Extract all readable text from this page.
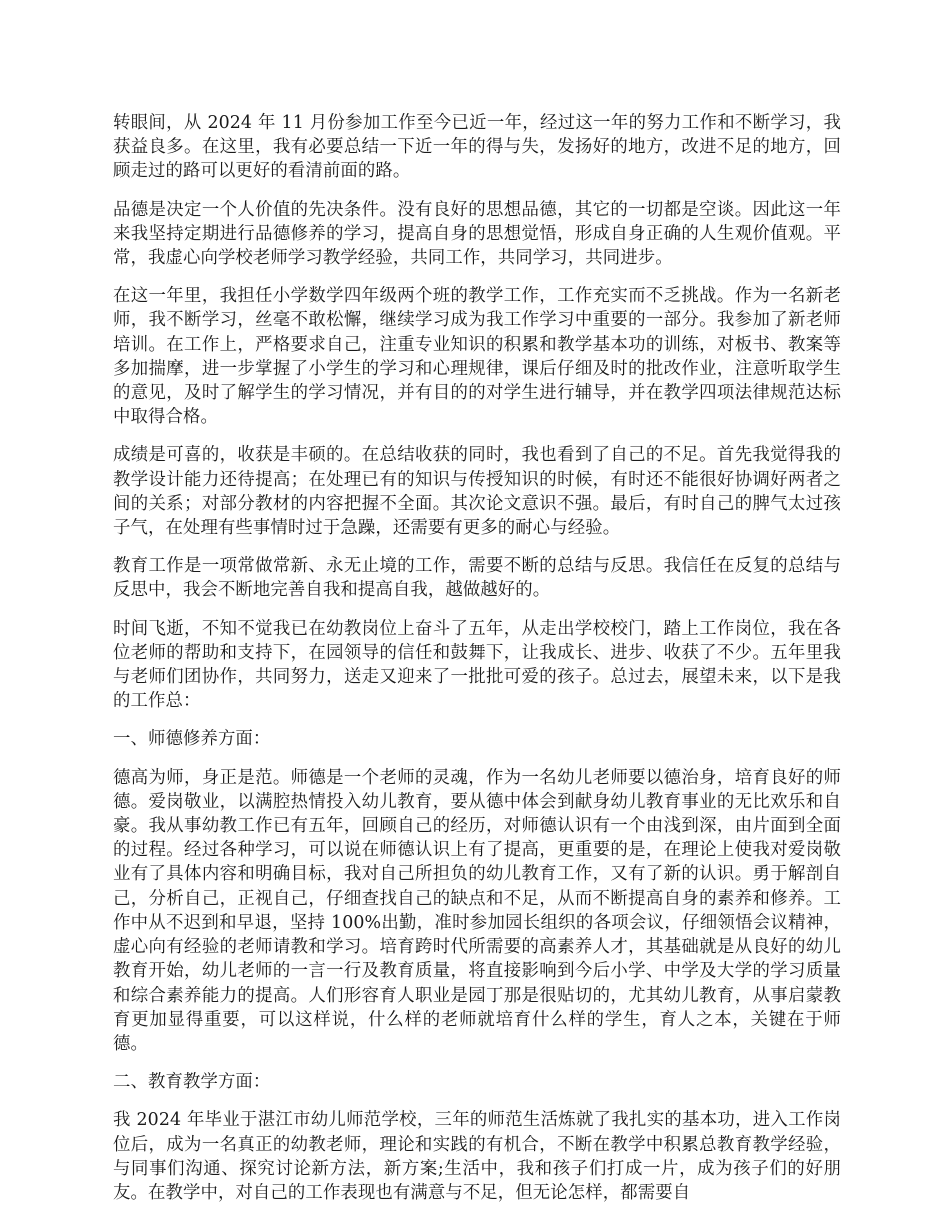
转眼间，从 2024 年 11 月份参加工作至今已近一年，经过这一年的努力工作和不断学习，我获益良多。在这里，我有必要总结一下近一年的得与失，发扬好的地方，改进不足的地方，回顾走过的路可以更好的看清前面的路。

品德是决定一个人价值的先决条件。没有良好的思想品德，其它的一切都是空谈。因此这一年来我坚持定期进行品德修养的学习，提高自身的思想觉悟，形成自身正确的人生观价值观。平常，我虚心向学校老师学习教学经验，共同工作，共同学习，共同进步。

在这一年里，我担任小学数学四年级两个班的教学工作，工作充实而不乏挑战。作为一名新老师，我不断学习，丝毫不敢松懈，继续学习成为我工作学习中重要的一部分。我参加了新老师培训。在工作上，严格要求自己，注重专业知识的积累和教学基本功的训练，对板书、教案等多加揣摩，进一步掌握了小学生的学习和心理规律，课后仔细及时的批改作业，注意听取学生的意见，及时了解学生的学习情况，并有目的的对学生进行辅导，并在教学四项法律规范达标中取得合格。

成绩是可喜的，收获是丰硕的。在总结收获的同时，我也看到了自己的不足。首先我觉得我的教学设计能力还待提高；在处理已有的知识与传授知识的时候，有时还不能很好协调好两者之间的关系；对部分教材的内容把握不全面。其次论文意识不强。最后，有时自己的脾气太过孩子气，在处理有些事情时过于急躁，还需要有更多的耐心与经验。

教育工作是一项常做常新、永无止境的工作，需要不断的总结与反思。我信任在反复的总结与反思中，我会不断地完善自我和提高自我，越做越好的。

时间飞逝，不知不觉我已在幼教岗位上奋斗了五年，从走出学校校门，踏上工作岗位，我在各位老师的帮助和支持下，在园领导的信任和鼓舞下，让我成长、进步、收获了不少。五年里我与老师们团协作，共同努力，送走又迎来了一批批可爱的孩子。总过去，展望未来，以下是我的工作总：

一、师德修养方面：

德高为师，身正是范。师德是一个老师的灵魂，作为一名幼儿老师要以德治身，培育良好的师德。爱岗敬业，以满腔热情投入幼儿教育，要从德中体会到献身幼儿教育事业的无比欢乐和自豪。我从事幼教工作已有五年，回顾自己的经历，对师德认识有一个由浅到深，由片面到全面的过程。经过各种学习，可以说在师德认识上有了提高，更重要的是，在理论上使我对爱岗敬业有了具体内容和明确目标，我对自己所担负的幼儿教育工作，又有了新的认识。勇于解剖自己，分析自己，正视自己，仔细查找自己的缺点和不足，从而不断提高自身的素养和修养。工作中从不迟到和早退，坚持 100%出勤，准时参加园长组织的各项会议，仔细领悟会议精神，虚心向有经验的老师请教和学习。培育跨时代所需要的高素养人才，其基础就是从良好的幼儿教育开始，幼儿老师的一言一行及教育质量，将直接影响到今后小学、中学及大学的学习质量和综合素养能力的提高。人们形容育人职业是园丁那是很贴切的，尤其幼儿教育，从事启蒙教育更加显得重要，可以这样说，什么样的老师就培育什么样的学生，育人之本，关键在于师德。

二、教育教学方面：

我 2024 年毕业于湛江市幼儿师范学校，三年的师范生活炼就了我扎实的基本功，进入工作岗位后，成为一名真正的幼教老师，理论和实践的有机合，不断在教学中积累总教育教学经验，与同事们沟通、探究讨论新方法，新方案;生活中，我和孩子们打成一片，成为孩子们的好朋友。在教学中，对自己的工作表现也有满意与不足，但无论怎样，都需要自
